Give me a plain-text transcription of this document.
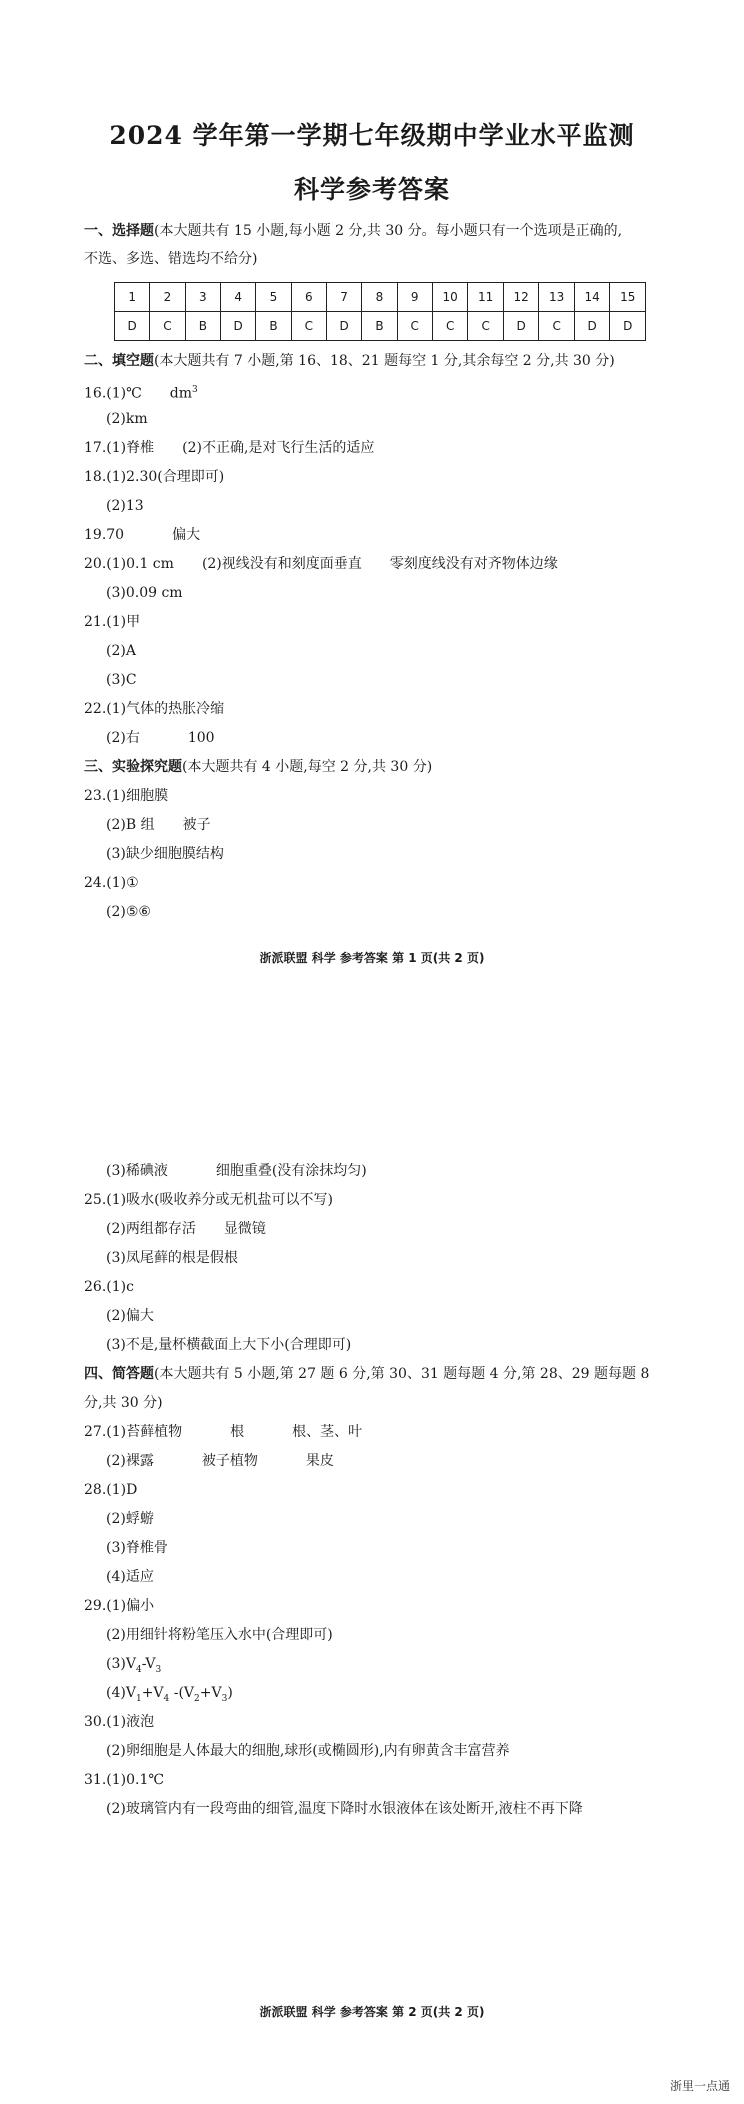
2024 学年第一学期七年级期中学业水平监测
科学参考答案
一、选择题(本大题共有 15 小题,每小题 2 分,共 30 分。每小题只有一个选项是正确的,
不选、多选、错选均不给分)
1	2	3	4	5	6	7	8	9	10	11	12	13	14	15
D	C	B	D	B	C	D	B	C	C	C	D	C	D	D
二、填空题(本大题共有 7 小题,第 16、18、21 题每空 1 分,其余每空 2 分,共 30 分)
16.(1)℃ $dm^3$
(2)km
17.(1)脊椎 (2)不正确,是对飞行生活的适应
18.(1)2.30(合理即可)
(2)13
19.70	偏大
20.(1)0.1 cm (2)视线没有和刻度面垂直 零刻度线没有对齐物体边缘
(3)0.09 cm
21.(1)甲
(2)A
(3)C
22.(1)气体的热胀冷缩
(2)右	100
三、实验探究题(本大题共有 4 小题,每空 2 分,共 30 分)
23.(1)细胞膜
(2)B 组 被子
(3)缺少细胞膜结构
24.(1)①
(2)⑤⑥
浙派联盟 科学 参考答案 第 1 页(共 2 页)
(3)稀碘液	细胞重叠(没有涂抹均匀)
25.(1)吸水(吸收养分或无机盐可以不写)
(2)两组都存活 显微镜
(3)凤尾藓的根是假根
26.(1)c
(2)偏大
(3)不是,量杯横截面上大下小(合理即可)
四、简答题(本大题共有 5 小题,第 27 题 6 分,第 30、31 题每题 4 分,第 28、29 题每题 8
分,共 30 分)
27.(1)苔藓植物	根	根、茎、叶
(2)裸露	被子植物	果皮
28.(1)D
(2)蜉蝣
(3)脊椎骨
(4)适应
29.(1)偏小
(2)用细针将粉笔压入水中(合理即可)
$(3)V_4-V_3$
$(4)V_1+V_4$ $-(V_2+V_3)$
30.(1)液泡
(2)卵细胞是人体最大的细胞,球形(或椭圆形),内有卵黄含丰富营养
31.(1)0.1℃
(2)玻璃管内有一段弯曲的细管,温度下降时水银液体在该处断开,液柱不再下降
浙派联盟 科学 参考答案 第 2 页(共 2 页)
浙里一点通
